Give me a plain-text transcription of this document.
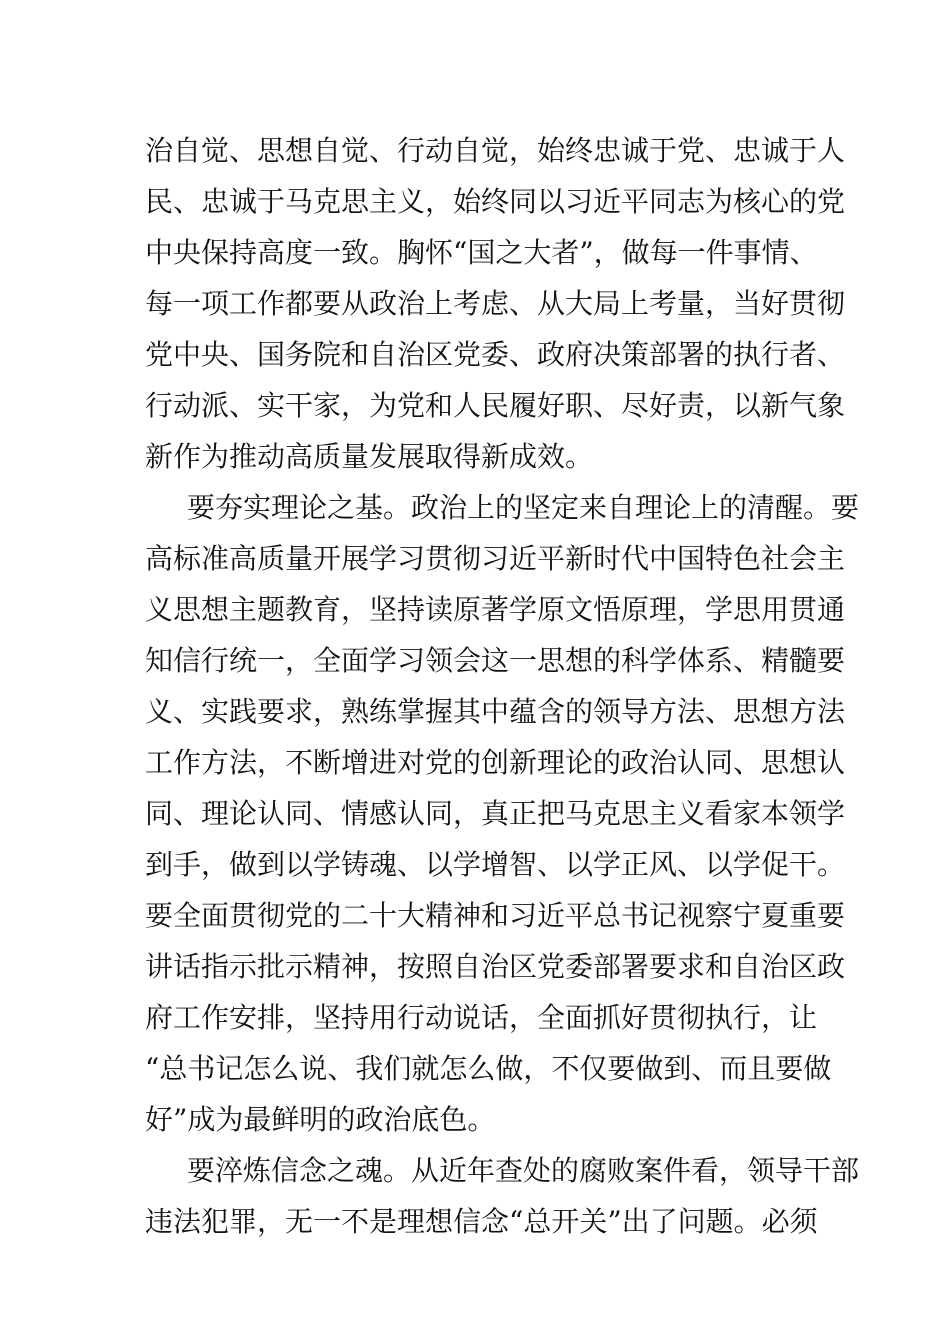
治自觉、思想自觉、行动自觉，始终忠诚于党、忠诚于人
民、忠诚于马克思主义，始终同以习近平同志为核心的党
中央保持高度一致。胸怀“国之大者”，做每一件事情、
每一项工作都要从政治上考虑、从大局上考量，当好贯彻
党中央、国务院和自治区党委、政府决策部署的执行者、
行动派、实干家，为党和人民履好职、尽好责，以新气象
新作为推动高质量发展取得新成效。
要夯实理论之基。政治上的坚定来自理论上的清醒。要
高标准高质量开展学习贯彻习近平新时代中国特色社会主
义思想主题教育，坚持读原著学原文悟原理，学思用贯通
知信行统一，全面学习领会这一思想的科学体系、精髓要
义、实践要求，熟练掌握其中蕴含的领导方法、思想方法
工作方法，不断增进对党的创新理论的政治认同、思想认
同、理论认同、情感认同，真正把马克思主义看家本领学
到手，做到以学铸魂、以学增智、以学正风、以学促干。
要全面贯彻党的二十大精神和习近平总书记视察宁夏重要
讲话指示批示精神，按照自治区党委部署要求和自治区政
府工作安排，坚持用行动说话，全面抓好贯彻执行，让
“总书记怎么说、我们就怎么做，不仅要做到、而且要做
好”成为最鲜明的政治底色。
要淬炼信念之魂。从近年查处的腐败案件看，领导干部
违法犯罪，无一不是理想信念“总开关”出了问题。必须
